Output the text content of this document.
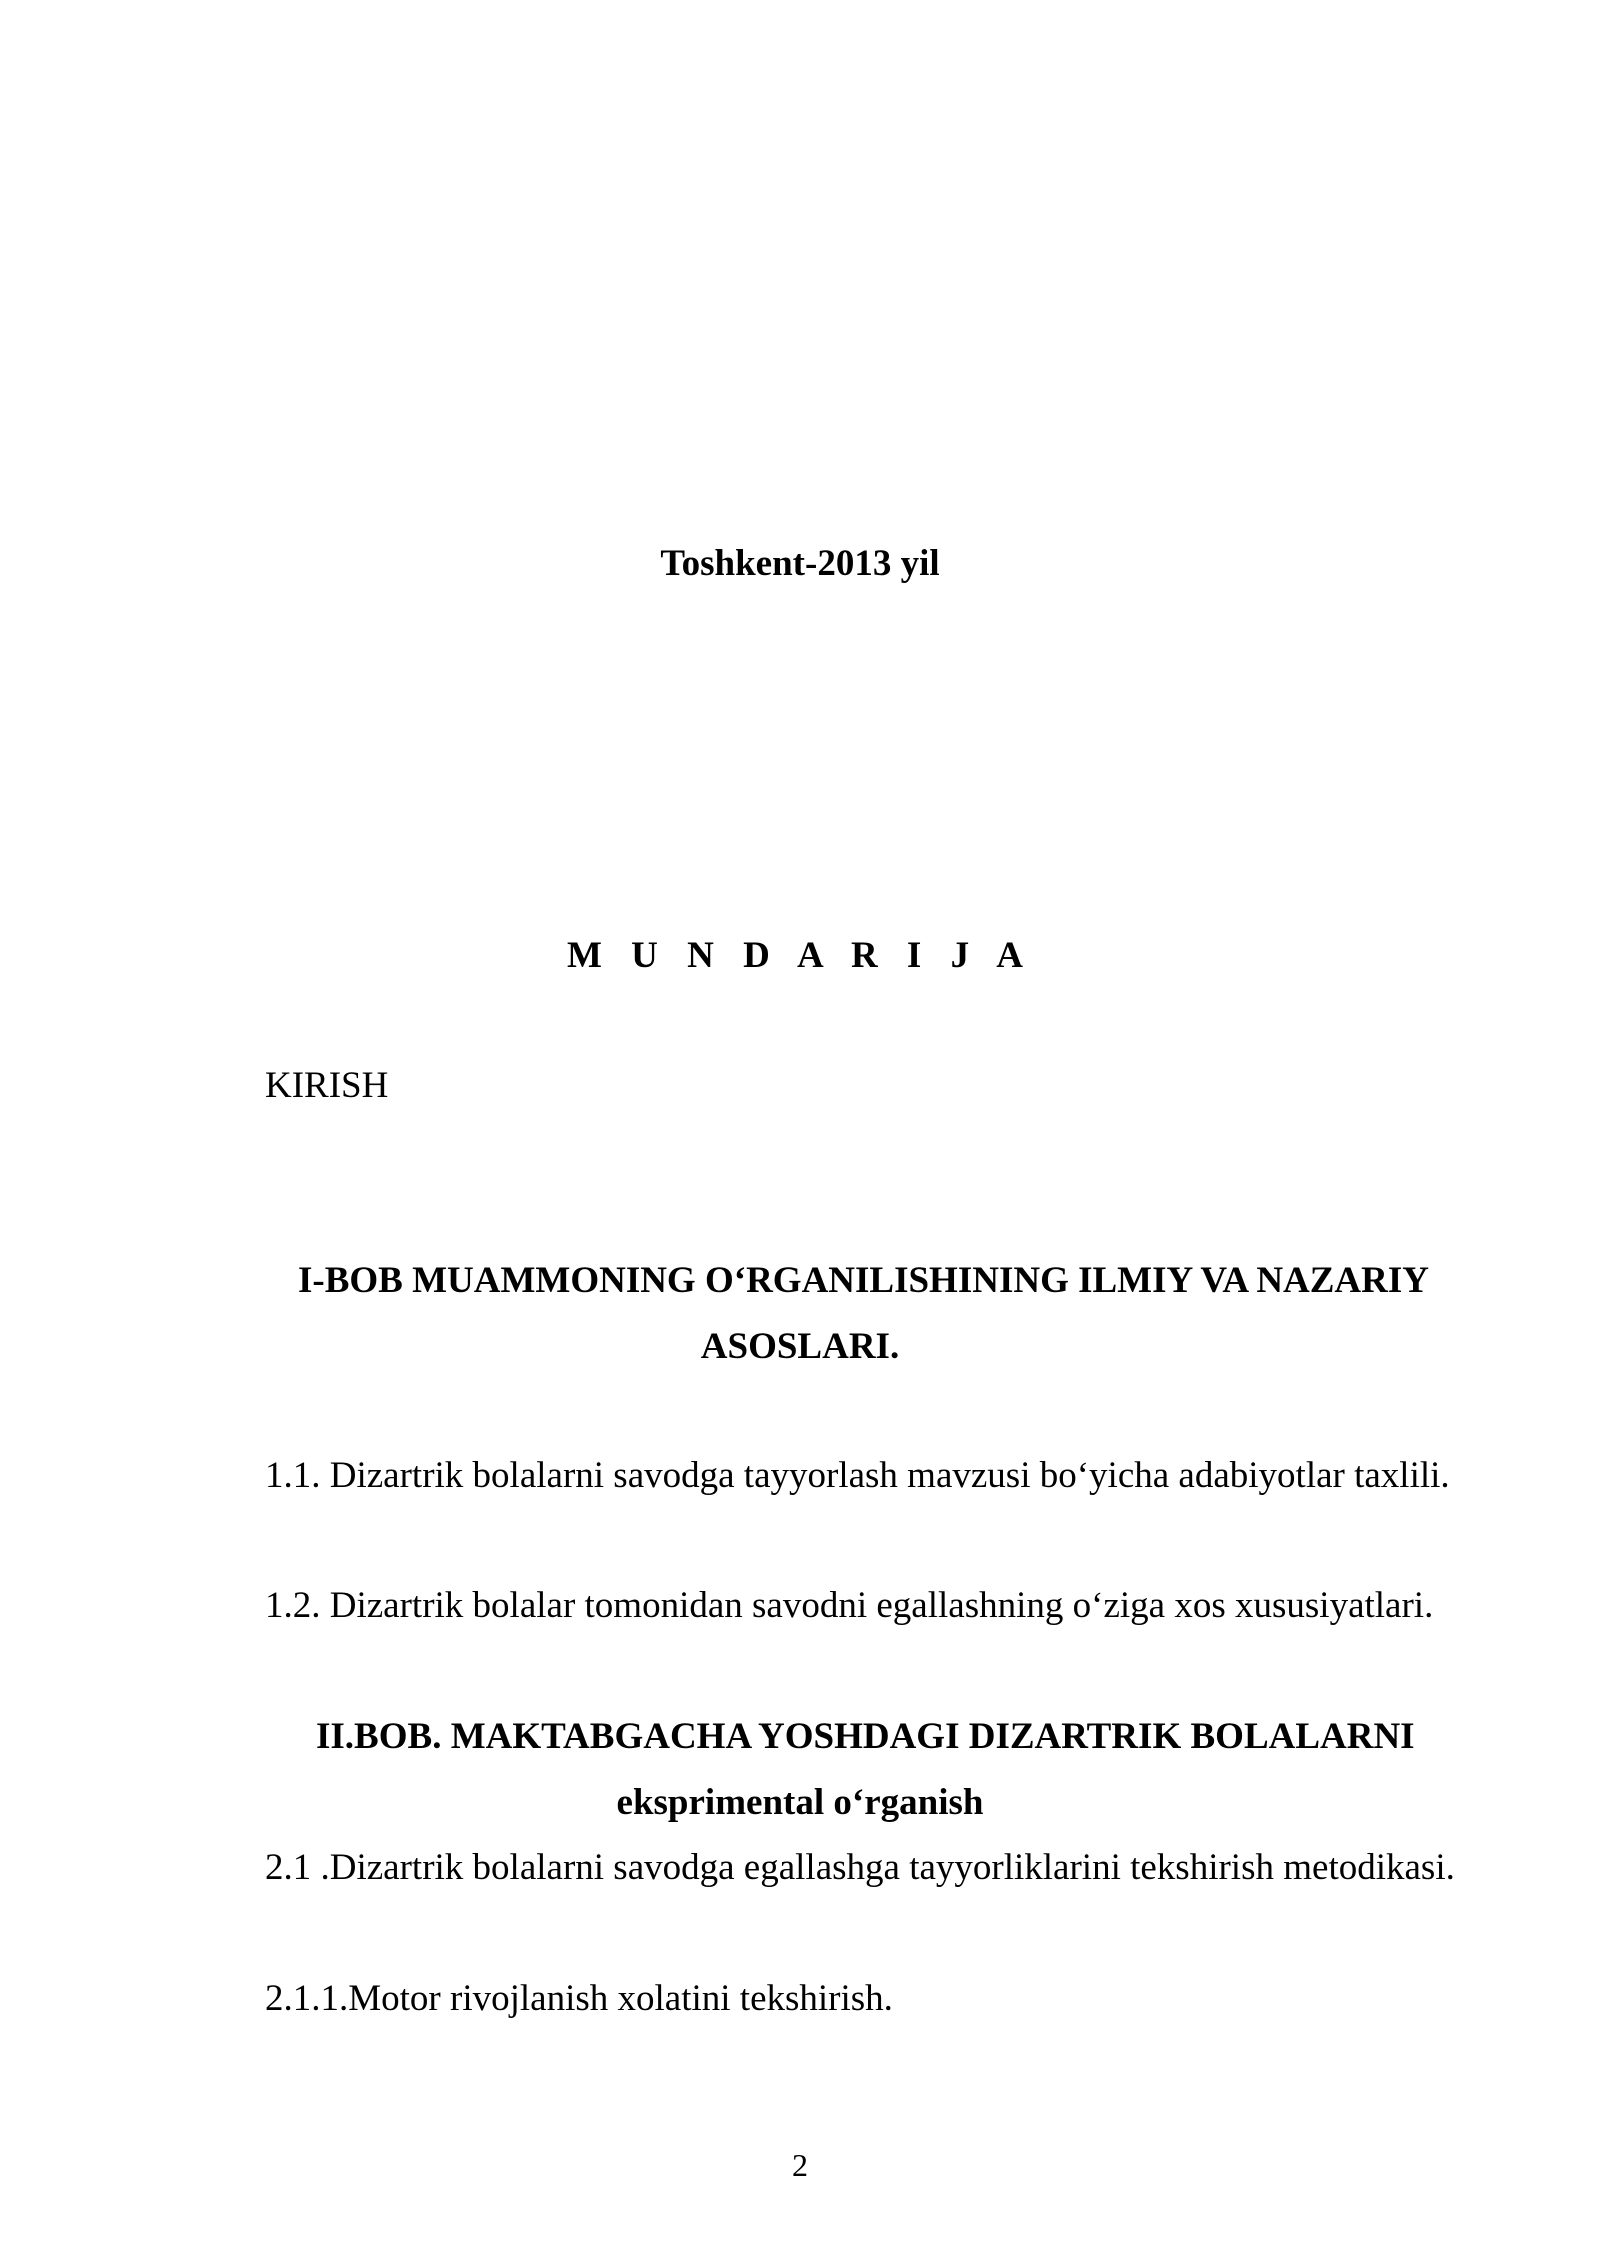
Toshkent-2013 yil
M U N D A R I J A
KIRISH
I-BOB MUAMMONING O‘RGANILISHINING ILMIY VA NAZARIY
ASOSLARI.
1.1. Dizartrik bolalarni savodga tayyorlash mavzusi bo‘yicha adabiyotlar taxlili.
1.2. Dizartrik bolalar tomonidan savodni egallashning o‘ziga xos xususiyatlari.
II.BOB. MAKTABGACHA YOSHDAGI DIZARTRIK BOLALARNI
eksprimental o‘rganish
2.1 .Dizartrik bolalarni savodga egallashga tayyorliklarini tekshirish metodikasi.
2.1.1.Motor rivojlanish xolatini tekshirish.
2
